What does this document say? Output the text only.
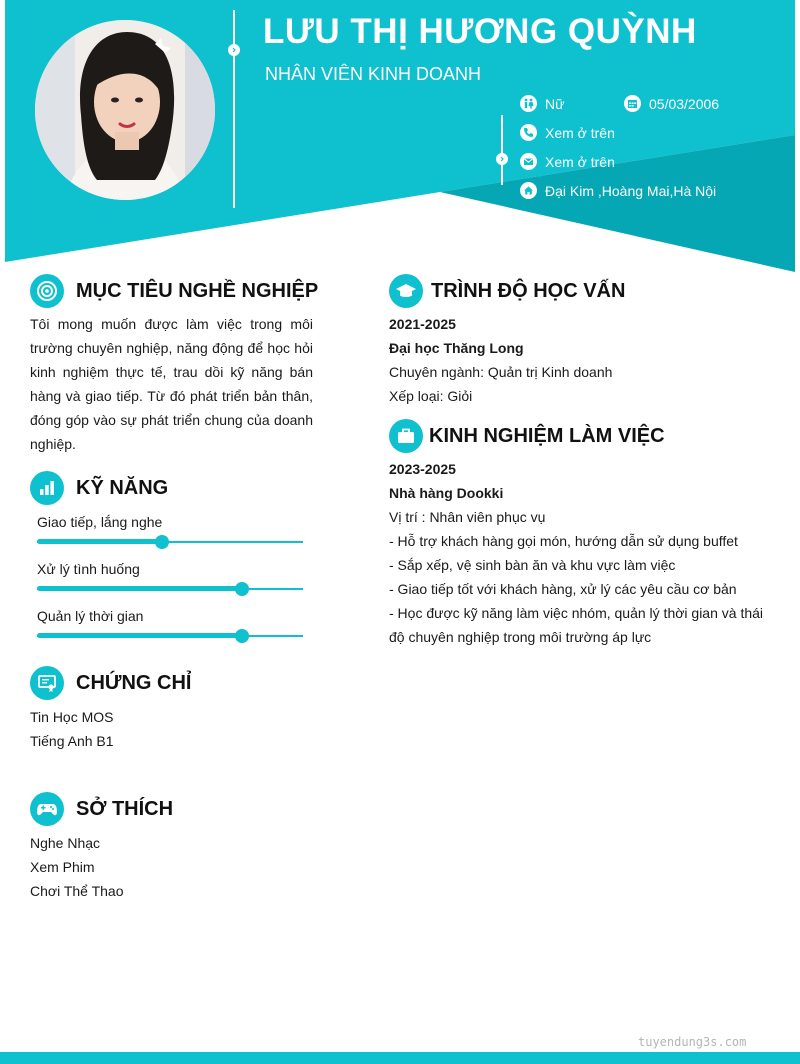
LƯU THỊ HƯƠNG QUỲNH
NHÂN VIÊN KINH DOANH
Nữ	05/03/2006
Xem ở trên
Xem ở trên
Đại Kim ,Hoàng Mai,Hà Nội
MỤC TIÊU NGHỀ NGHIỆP
Tôi mong muốn được làm việc trong môi trường chuyên nghiệp, năng động để học hỏi kinh nghiệm thực tế, trau dồi kỹ năng bán hàng và giao tiếp. Từ đó phát triển bản thân, đóng góp vào sự phát triển chung của doanh nghiệp.
KỸ NĂNG
Giao tiếp, lắng nghe
Xử lý tình huống
Quản lý thời gian
CHỨNG CHỈ
Tin Học MOS
Tiếng Anh B1
SỞ THÍCH
Nghe Nhạc
Xem Phim
Chơi Thể Thao
TRÌNH ĐỘ HỌC VẤN
2021-2025
Đại học Thăng Long
Chuyên ngành: Quản trị Kinh doanh
Xếp loại: Giỏi
KINH NGHIỆM LÀM VIỆC
2023-2025
Nhà hàng Dookki
Vị trí : Nhân viên phục vụ
- Hỗ trợ khách hàng gọi món, hướng dẫn sử dụng buffet
- Sắp xếp, vệ sinh bàn ăn và khu vực làm việc
- Giao tiếp tốt với khách hàng, xử lý các yêu cầu cơ bản
- Học được kỹ năng làm việc nhóm, quản lý thời gian và thái độ chuyên nghiệp trong môi trường áp lực
tuyendung3s.com
